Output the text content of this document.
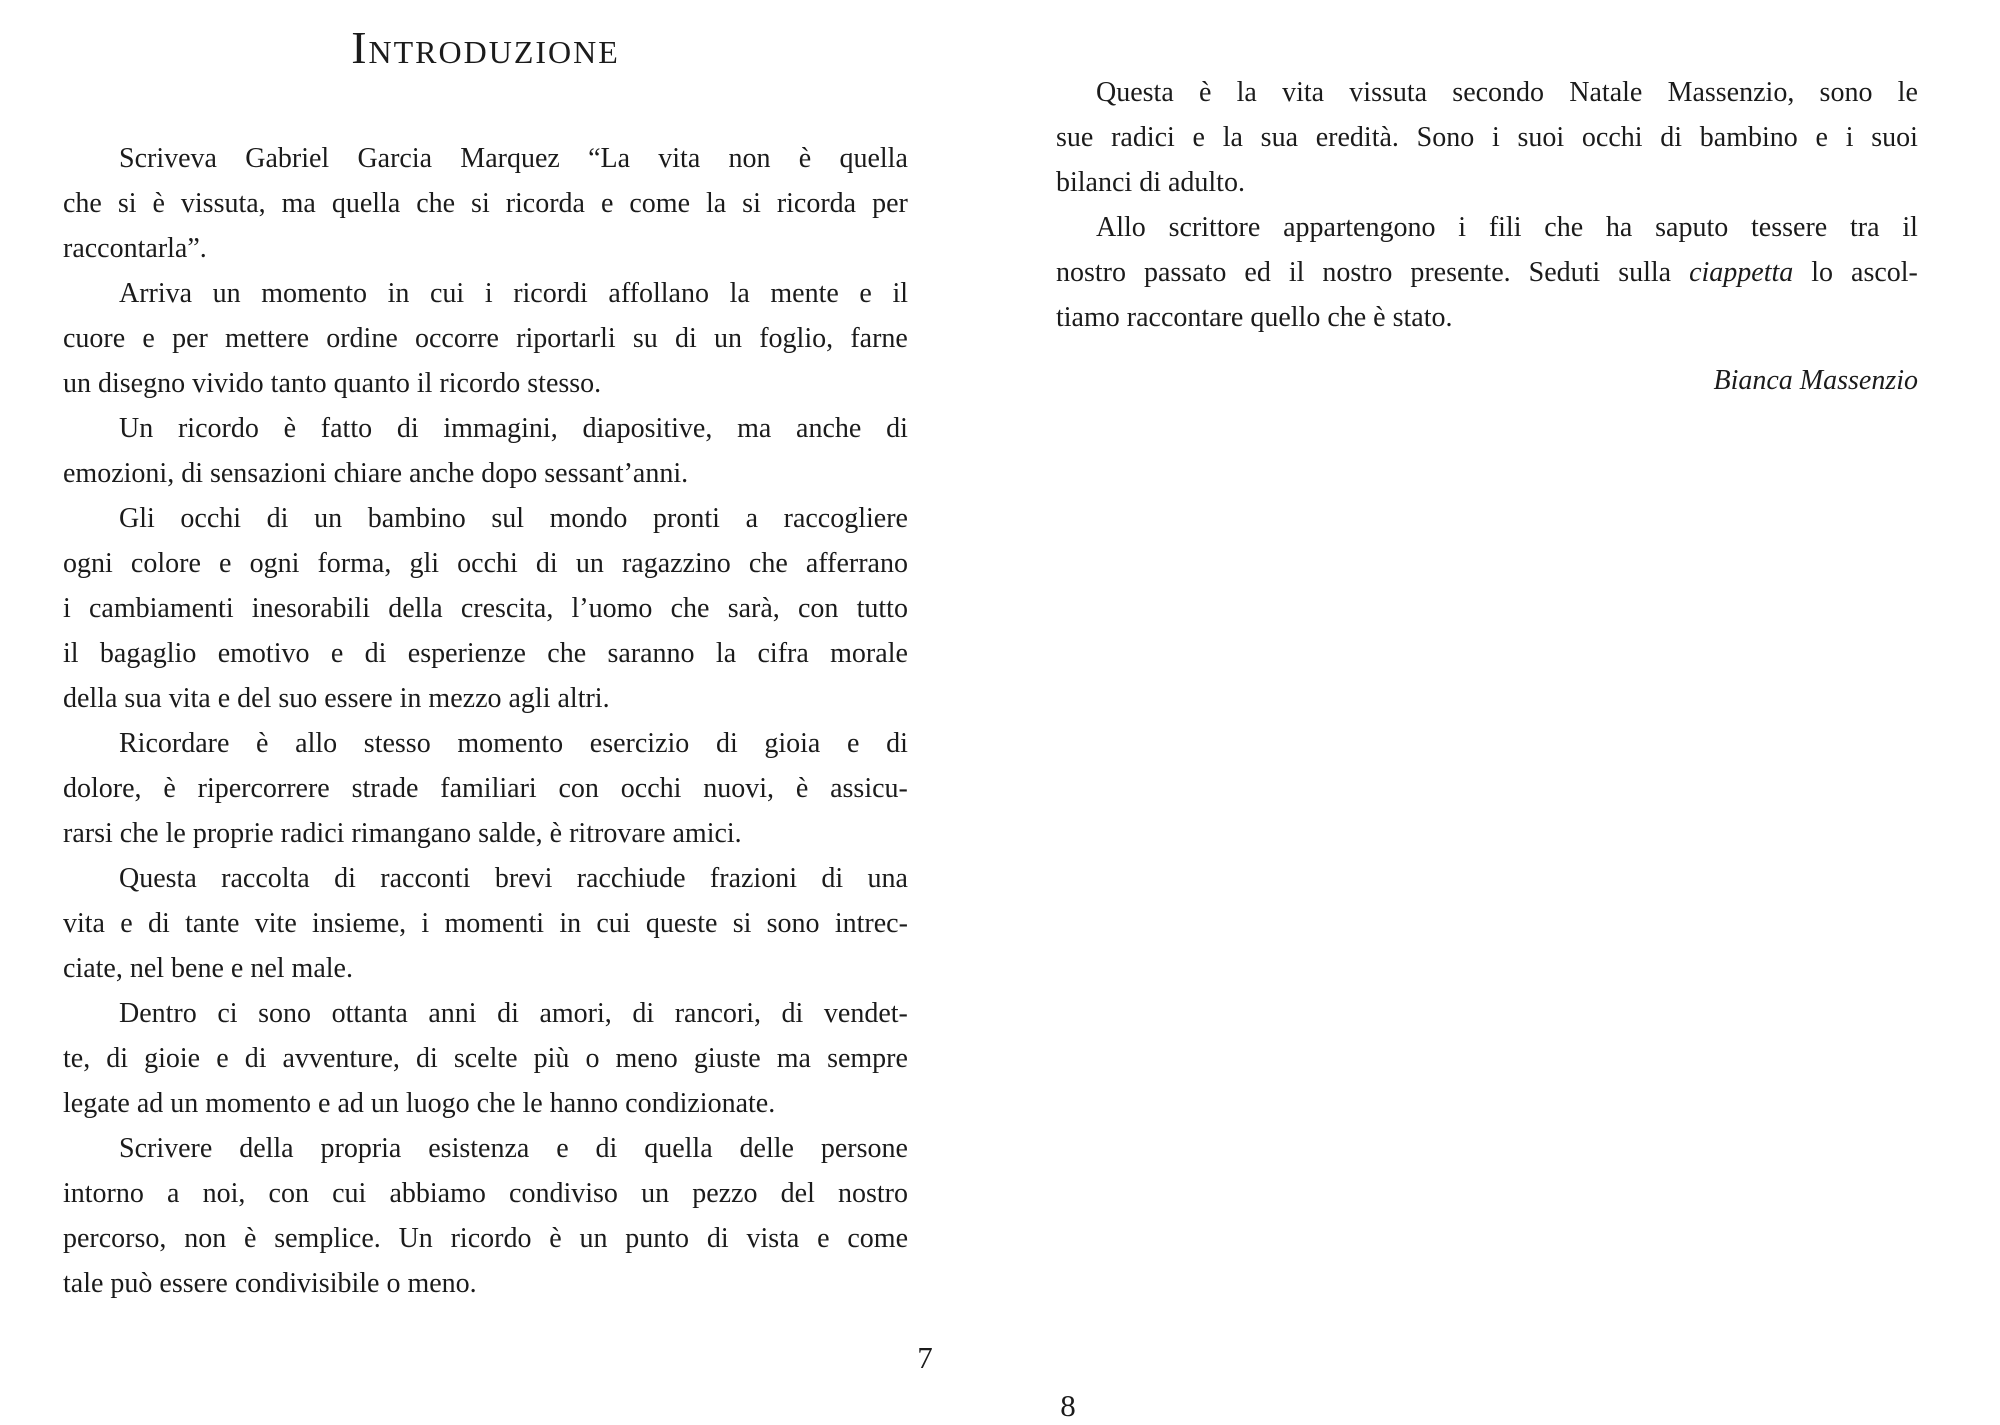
Introduzione
Scriveva Gabriel Garcia Marquez “La vita non è quella
che si è vissuta, ma quella che si ricorda e come la si ricorda per
raccontarla”.
Arriva un momento in cui i ricordi affollano la mente e il
cuore e per mettere ordine occorre riportarli su di un foglio, farne
un disegno vivido tanto quanto il ricordo stesso.
Un ricordo è fatto di immagini, diapositive, ma anche di
emozioni, di sensazioni chiare anche dopo sessant’anni.
Gli occhi di un bambino sul mondo pronti a raccogliere
ogni colore e ogni forma, gli occhi di un ragazzino che afferrano
i cambiamenti inesorabili della crescita, l’uomo che sarà, con tutto
il bagaglio emotivo e di esperienze che saranno la cifra morale
della sua vita e del suo essere in mezzo agli altri.
Ricordare è allo stesso momento esercizio di gioia e di
dolore, è ripercorrere strade familiari con occhi nuovi, è assicu-
rarsi che le proprie radici rimangano salde, è ritrovare amici.
Questa raccolta di racconti brevi racchiude frazioni di una
vita e di tante vite insieme, i momenti in cui queste si sono intrec-
ciate, nel bene e nel male.
Dentro ci sono ottanta anni di amori, di rancori, di vendet-
te, di gioie e di avventure, di scelte più o meno giuste ma sempre
legate ad un momento e ad un luogo che le hanno condizionate.
Scrivere della propria esistenza e di quella delle persone
intorno a noi, con cui abbiamo condiviso un pezzo del nostro
percorso, non è semplice. Un ricordo è un punto di vista e come
tale può essere condivisibile o meno.
Questa è la vita vissuta secondo Natale Massenzio, sono le
sue radici e la sua eredità. Sono i suoi occhi di bambino e i suoi
bilanci di adulto.
Allo scrittore appartengono i fili che ha saputo tessere tra il
nostro passato ed il nostro presente. Seduti sulla ciappetta lo ascol-
tiamo raccontare quello che è stato.
Bianca Massenzio
7
8
